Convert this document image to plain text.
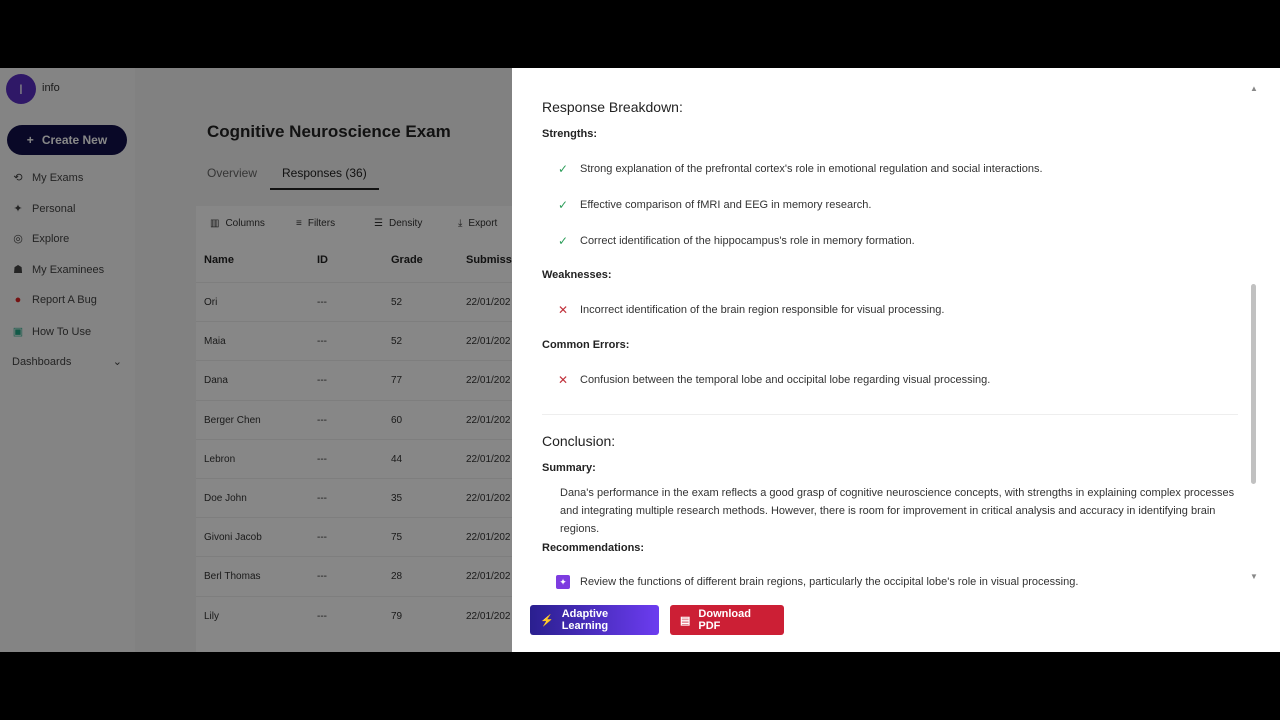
I	info
+ Create New
⟲ My Exams
✦ Personal
◎ Explore
☗ My Examinees
● Report A Bug
▣ How To Use
Dashboards	⌄
Cognitive Neuroscience Exam
Overview	Responses (36)
▥ Columns	≡ Filters	☰ Density	⤓ Export
Name	ID	Grade	Submiss
Ori	---	52	22/01/202
Maia	---	52	22/01/202
Dana	---	77	22/01/202
Berger Chen	---	60	22/01/202
Lebron	---	44	22/01/202
Doe John	---	35	22/01/202
Givoni Jacob	---	75	22/01/202
Berl Thomas	---	28	22/01/202
Lily	---	79	22/01/202
Response Breakdown:
Strengths:
✓ Strong explanation of the prefrontal cortex's role in emotional regulation and social interactions.
✓ Effective comparison of fMRI and EEG in memory research.
✓ Correct identification of the hippocampus's role in memory formation.
Weaknesses:
✕ Incorrect identification of the brain region responsible for visual processing.
Common Errors:
✕ Confusion between the temporal lobe and occipital lobe regarding visual processing.
Conclusion:
Summary:
Dana's performance in the exam reflects a good grasp of cognitive neuroscience concepts, with strengths in explaining complex processes and integrating multiple research methods. However, there is room for improvement in critical analysis and accuracy in identifying brain regions.
Recommendations:
✦ Review the functions of different brain regions, particularly the occipital lobe's role in visual processing.
▲
▼
⚡
Adaptive Learning	▤
Download PDF
